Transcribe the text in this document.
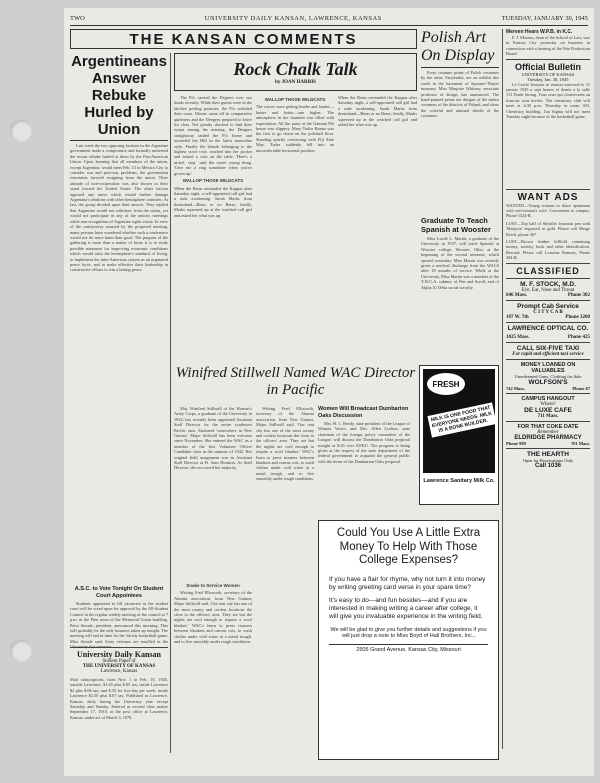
TWO	UNIVERSITY DAILY KANSAN, LAWRENCE, KANSAS	TUESDAY, JANUARY 30, 1945
THE KANSAN COMMENTS
Argentineans Answer Rebuke Hurled by Union
Last week the two opposing factions in the Argentine government made a compromise and formally answered the recent rebuke hurled at them by the Pan-American Union. Upon learning that all members of the union, except Argentina, would meet Feb. 15 in Mexico City to consider war and post-war problems, the government extremists favored resigning from the union. Their attitude of non-cooperation was also shown in their stand toward the United States. The other faction opposed any move which would further damage Argentina's relations with other hemisphere countries. At last, the group decided upon their answer. They replied that Argentina would not withdraw from the union, yet would not participate in any of the union's meetings while non-recognition of Argentine rights exists. In view of the controversy aroused by the proposed meeting, many persons have wondered whether such a conference would not do more harm than good. The purpose of the gathering is more than a matter of form; it is to study possible measures for improving economic conditions which would raise the hemisphere's standard of living, to implement the inter-American system as an organized peace force, and to make effective their leadership in constructive efforts to win a lasting peace.
A.S.C. to Vote Tonight On Student Court Appointees
Students appointed to fill vacancies in the student court will be voted upon for approval by the All-Student Council at the regular weekly meeting of the council at 7 p.m. in the Pine room of the Memorial Union building. Petra Stoude, president, announced this morning. This will probably be the only business taken up tonight. The meeting will end in time for the Varsity basketball game, Miss Stoude said. Sixty veterans are enrolled in the University this semester.
University Daily Kansan
Student Paper of
THE UNIVERSITY OF KANSAS
Lawrence, Kansas
Mail subscriptions, from Nov. 1 to Feb. 19, 1945, outside Lawrence, $1.65 plus $.05 tax; inside Lawrence $2 plus $.06 tax; and $.35 for five-day per week, inside Lawrence $2.50 plus $.07 tax. Published in Lawrence, Kansas, daily during the University year except Saturday and Sunday. Entered as second class matter September 17, 1910, at the post office at Lawrence, Kansas, under act of March 3, 1879.
Rock Chalk Talk
by JOAN HARRIS
The Pi's carried the Degrees over our heads recently. While their guests were in the kitchen peeling potatoes, the Pi's snitched their coats. Dinner came off in comparative quietness and the Deegees prepared to leave for class. Not greatly shocked to find their wraps among the missing, the Deegees straightway raided the Pi's home and ascended the Hill in the latest masculine style. Finally the blonde belonging to the highest voice rose, reached into her pocket and tossed a coin on the table. 'Here's a nickel, stop,' said the sweet young thing. 'Give me a ring sometime when you've grown up.'
WALLOP THOSE WILDCATS
When the Betas serenaded the Kappas after Saturday night, a self-appointed call girl had a rude awakening. Sarah Marks from dreamland—Betas or no Betas, finally, Marks squeezed up at the watched call girl and asked her what was up.
WALLOP THOSE WILDCATS
The voices were getting louder and louder—hotter and hotter—one higher. The atmosphere in the fountain was filled with expectation. All the party at the Gamma Phi house was slippery. Mary Tudor Hanna was the first to go down on the polished floor. Standing quietly conversing with Fiji Abie May, Tudor suddenly fell into an uncomfortable horizontal position.
When the Betas serenaded the Kappas after Saturday night, a self-appointed call girl had a rude awakening. Sarah Marks from dreamland—Betas or no Betas, finally, Marks squeezed up at the watched call girl and asked her what was up.
Polish Art On Display
Forty costume prints of Polish costumes by the artist, Stryienska, are on exhibit this week in the basement of Spooner-Thayer museum. Miss Marjorie Whitney, associate professor of design, has announced. The hand-painted prints are designs of the native costumes of the districts of Poland, and show the colorful and unusual details of the costumes.
Graduate To Teach Spanish at Wooster
Miss Lucile L. Martin, a graduate of the University in 1937, will teach Spanish at Wooster college, Wooster, Ohio, at the beginning of the second semester, which opened yesterday. Miss Martin was recently given a medical discharge from the WACS after 18 months of service. While at the University, Miss Martin was a member of the Y.W.C.A. cabinet, of Pen and Scroll, and of Alpha Xi Delta social sorority.
Winifred Stillwell Named WAC Director in Pacific
Maj. Winifred Stillwell of the Woman's Army Corps, a graduate of the University in 1934, has recently been appointed Assistant Staff Director for the entire southwest Pacific area. Stationed 'somewhere in New Guinea,' Major Stillwell has been overseas since November. She entered the WAC as a member of the first Volunteer Officer Candidate class in the summer of 1942. Her original field assignment was as Assistant Staff Director at Ft. Sam Houston. As Staff Director, she recovered her majority.
Snake to Service Women
Writing Fred Ellsworth, secretary of the Alumni association, from New Guinea, Major Stillwell said, 'Our tent city has one of the most roomy and coolest locations the close to the officers' area. They are but the nights are cool enough to require a wool blanket.' WAC's learn to press trousers between blankets and canvas cots, to wash clothes under cold water in a metal trough, and to live smoothly under rough conditions.
Writing Fred Ellsworth, secretary of the Alumni association, from New Guinea, Major Stillwell said, 'Our tent city has one of the most roomy and coolest locations the close to the officers' area. They are but the nights are cool enough to require a wool blanket.' WAC's learn to press trousers between blankets and canvas cots, to wash clothes under cold water in a metal trough, and to live smoothly under rough conditions.
Women Will Broadcast Dumbarton Oaks Discussion
Mrs. H. L. Beedy, state president of the League of Women Voters, and Mrs. Allen Crafton, state chairman of the foreign policy committee of the League, will discuss the Dumbarton Oaks proposal tonight at 8:45 over KFKU. The program is being given at the request of the state department of the federal government to acquaint the general public with the terms of the Dumbarton Oaks proposal.
FRESH
MILK IS ONE FOOD THAT EVERYONE NEEDS. MILK IS A BONE BUILDER.
Lawrence Sanitary Milk Co.
Could You Use A Little Extra Money To Help With Those College Expenses?
If you have a flair for rhyme, why not turn it into money by writing greeting card verse in your spare time?
It's easy to do—and fun besides—and if you are interested in making writing a career after college, it will give you invaluable experience in the writing field.
We will be glad to give you further details and suggestions if you will just drop a note to Miss Boyd of Hall Brothers, Inc.,
2505 Grand Avenue, Kansas City, Missouri
Merven Hears W.P.B. in K.C.
F. J. Moreau, dean of the School of Law, was in Kansas City yesterday on business in connection with a hearing of the War Production Board.
Official Bulletin
UNIVERSITY OF KANSAS
Tuesday, Jan. 30, 1945
Le Cercle francais se reunira mercredi le 31 janvier 1945 a sept heures et demie a la salle 113 Frank Strong. Tous ceux qui s'interessent au francais sont invites. The chemistry club will meet at 4:30 p.m. Thursday in room 303, Chemistry building. Tau Sigma will not meet Tuesday night because of the basketball game.
WANT ADS
WANTED—Young woman to share apartment with serviceman's wife. Convenient to campus. Phone 1524-R.
LOST—Top half of Sheaffer fountain pen with 'Marjorie' engraved in gold. Please call Marge Reich, phone 367.
LOST—Brown leather billfold containing money, activity book and other identification. Reward. Please call Lorraine Rumsey, Phone 304-R.
CLASSIFIED
M. F. STOCK, M.D.
Eye, Ear, Nose and Throat
646 Mass.	Phone 302
Prompt Cab Service
C I T Y C A B
107 W. 7th	Phone 3200
LAWRENCE OPTICAL CO.
1025 Mass.	Phone 425
CALL SIX-FIVE TAXI
For rapid and efficient taxi service
MONEY LOANED ON VALUABLES
Unredeemed Guns, Clothing for Sale
WOLFSON'S
742 Mass.	Phone 67
CAMPUS HANGOUT
Where?
DE LUXE CAFE
711 Mass.
FOR THAT COKE DATE
Remember
ELDRIDGE PHARMACY
Phone 999	701 Mass.
THE HEARTH
Open for Reservations Only
Call 1036
